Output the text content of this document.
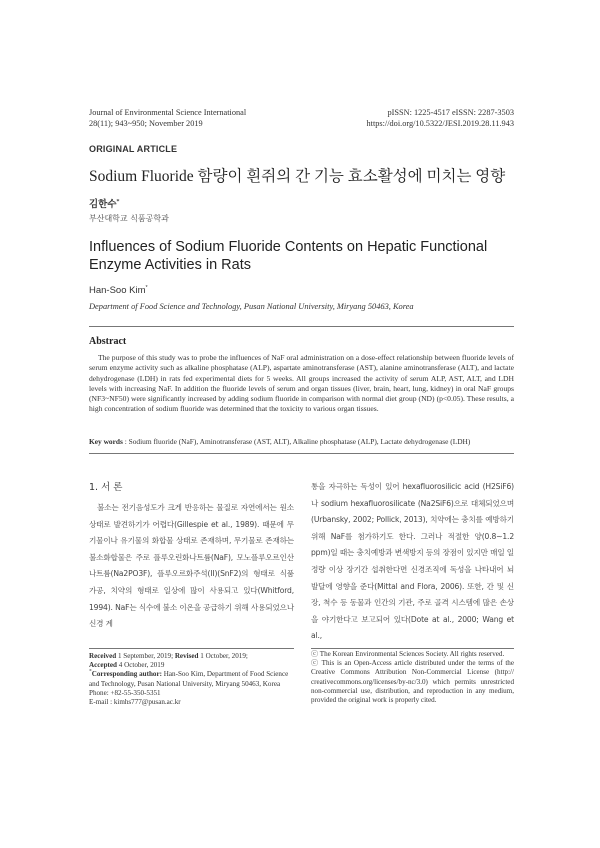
Journal of Environmental Science International
28(11); 943~950; November 2019
pISSN: 1225-4517 eISSN: 2287-3503
https://doi.org/10.5322/JESI.2019.28.11.943
ORIGINAL ARTICLE
Sodium Fluoride 함량이 흰쥐의 간 기능 효소활성에 미치는 영향
김한수*
부산대학교 식품공학과
Influences of Sodium Fluoride Contents on Hepatic Functional Enzyme Activities in Rats
Han-Soo Kim*
Department of Food Science and Technology, Pusan National University, Miryang 50463, Korea
Abstract
The purpose of this study was to probe the influences of NaF oral administration on a dose-effect relationship between fluoride levels of serum enzyme activity such as alkaline phosphatase (ALP), aspartate aminotransferase (AST), alanine aminotransferase (ALT), and lactate dehydrogenase (LDH) in rats fed experimental diets for 5 weeks. All groups increased the activity of serum ALP, AST, ALT, and LDH levels with increasing NaF. In addition the fluoride levels of serum and organ tissues (liver, brain, heart, lung, kidney) in oral NaF groups (NF3~NF50) were significantly increased by adding sodium fluoride in comparison with normal diet group (ND) (p<0.05). These results, a high concentration of sodium fluoride was determined that the toxicity to various organ tissues.
Key words : Sodium fluoride (NaF), Aminotransferase (AST, ALT), Alkaline phosphatase (ALP), Lactate dehydrogenase (LDH)
1. 서 론
불소는 전기음성도가 크게 반응하는 물질로 자연에서는 원소 상태로 발견하기가 어렵다(Gillespie et al., 1989). 때문에 무기물이나 유기물의 화합물 상태로 존재하며, 무기물로 존재하는 불소화합물은 주로 플루오린화나트륨(NaF), 모노플루오르인산나트륨(Na2PO3F), 플루오르화주석(II)(SnF2)의 형태로 식품 가공, 치약의 형태로 일상에 많이 사용되고 있다(Whitford, 1994). NaF는 식수에 불소 이온을 공급하기 위해 사용되었으나 신경 계
통을 자극하는 독성이 있어 hexafluorosilicic acid (H2SiF6)나 sodium hexafluorosilicate (Na2SiF6)으로 대체되었으며(Urbansky, 2002; Pollick, 2013), 치약에는 충치를 예방하기 위해 NaF를 첨가하기도 한다. 그러나 적절한 양(0.8~1.2 ppm)일 때는 충치예방과 변색방지 등의 장점이 있지만 매일 일정량 이상 장기간 섭취한다면 신경조직에 독성을 나타내어 뇌 발달에 영향을 준다(Mittal and Flora, 2006). 또한, 간 및 신장, 척수 등 동물과 인간의 기관, 주로 골격 시스템에 많은 손상을 야기한다고 보고되어 있다(Dote at al., 2000; Wang et al.,
Received 1 September, 2019; Revised 1 October, 2019;
Accepted 4 October, 2019
*Corresponding author: Han-Soo Kim, Department of Food Science and Technology, Pusan National University, Miryang 50463, Korea
Phone: +82-55-350-5351
E-mail : kimhs777@pusan.ac.kr
ⓒ The Korean Environmental Sciences Society. All rights reserved.
ⓒ This is an Open-Access article distributed under the terms of the Creative Commons Attribution Non-Commercial License (http:// creativecommons.org/licenses/by-nc/3.0) which permits unrestricted non-commercial use, distribution, and reproduction in any medium, provided the original work is properly cited.
